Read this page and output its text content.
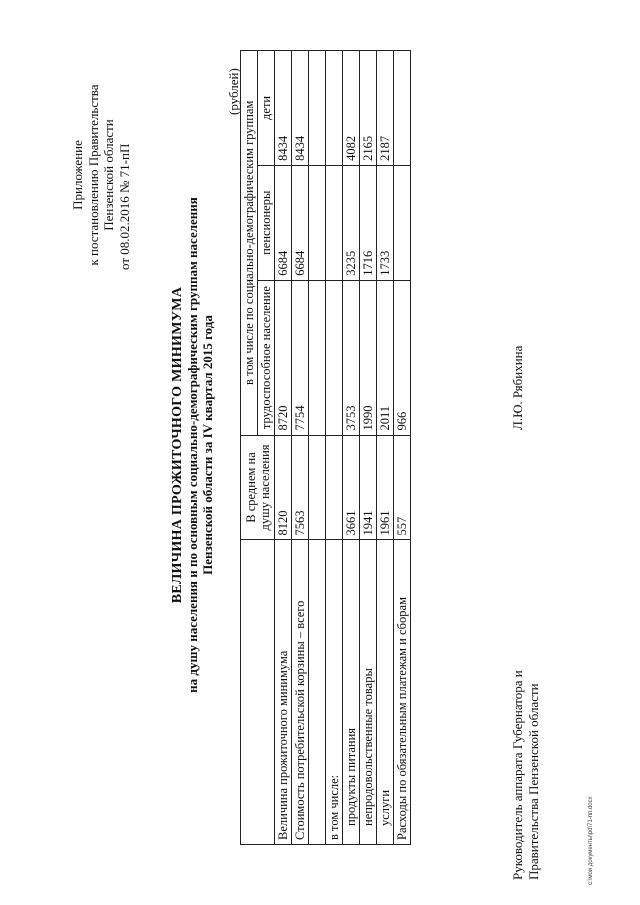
Приложение к постановлению Правительства Пензенской области от 08.02.2016 № 71-пП
ВЕЛИЧИНА ПРОЖИТОЧНОГО МИНИМУМА на душу населения и по основным социально-демографическим группам населения Пензенской области за IV квартал 2015 года
(рублей)
	В среднем на душу населения	в том числе по социально-демографическим группам		
		трудоспособное население	пенсионеры	дети
Величина прожиточного минимума	8120	8720	6684	8434
Стоимость потребительской корзины – всего	7563	7754	6684	8434

в том числе:				
продукты питания	3661	3753	3235	4082
непродовольственные товары	1941	1990	1716	2165
услуги	1961	2011	1733	2187
Расходы по обязательным платежам и сборам	557	966		
Руководитель аппарата Губернатора и Правительства Пензенской области
Л.Ю. Рябихина
c:\мои документы\pd\71-пп.docx
